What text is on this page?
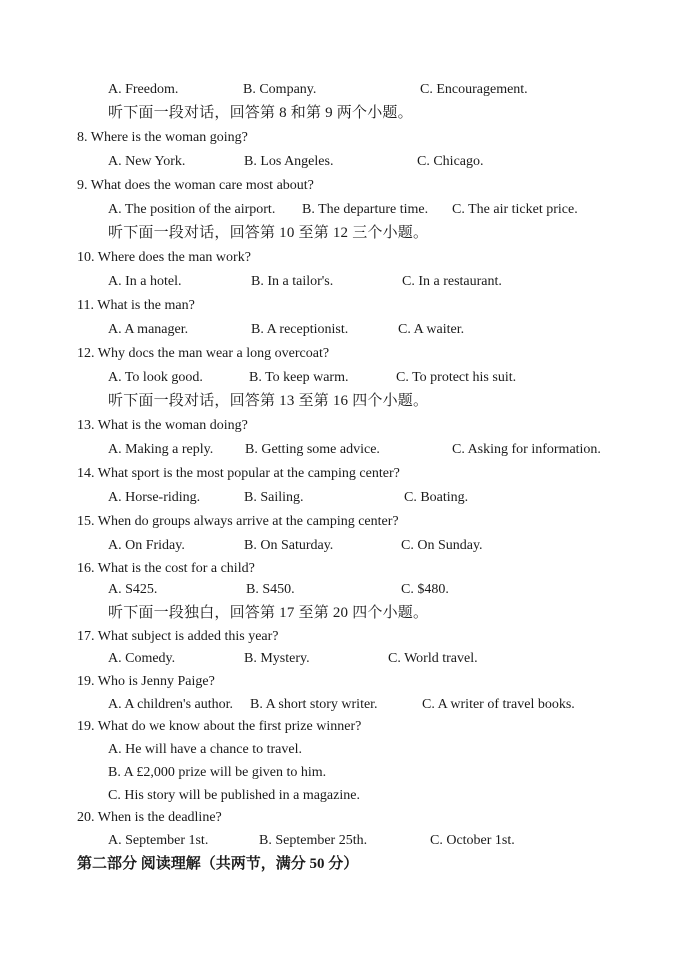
A. Freedom.	B. Company.	C. Encouragement.
听下面一段对话，回答第 8 和第 9 两个小题。
8. Where is the woman going?
A. New York.	B. Los Angeles.	C. Chicago.
9. What does the woman care most about?
A. The position of the airport. B. The departure time. C. The air ticket price.
听下面一段对话，回答第 10 至第 12 三个小题。
10. Where does the man work?
A. In a hotel.	B. In a tailor's.	C. In a restaurant.
11. What is the man?
A. A manager.	B. A receptionist.	C. A waiter.
12. Why docs the man wear a long overcoat?
A. To look good.	B. To keep warm.	C. To protect his suit.
听下面一段对话，回答第 13 至第 16 四个小题。
13. What is the woman doing?
A. Making a reply. B. Getting some advice.	C. Asking for information.
14. What sport is the most popular at the camping center?
A. Horse-riding.	B. Sailing.	C. Boating.
15. When do groups always arrive at the camping center?
A. On Friday.	B. On Saturday.	C. On Sunday.
16. What is the cost for a child?
A. S425.	B. S450.	C. $480.
听下面一段独白，回答第 17 至第 20 四个小题。
17. What subject is added this year?
A. Comedy.	B. Mystery.	C. World travel.
19. Who is Jenny Paige?
A. A children's author. B. A short story writer.	C. A writer of travel books.
19. What do we know about the first prize winner?
A. He will have a chance to travel.
B. A £2,000 prize will be given to him.
C. His story will be published in a magazine.
20. When is the deadline?
A. September 1st.	B. September 25th.	C. October 1st.
第二部分 阅读理解（共两节，满分 50 分）
